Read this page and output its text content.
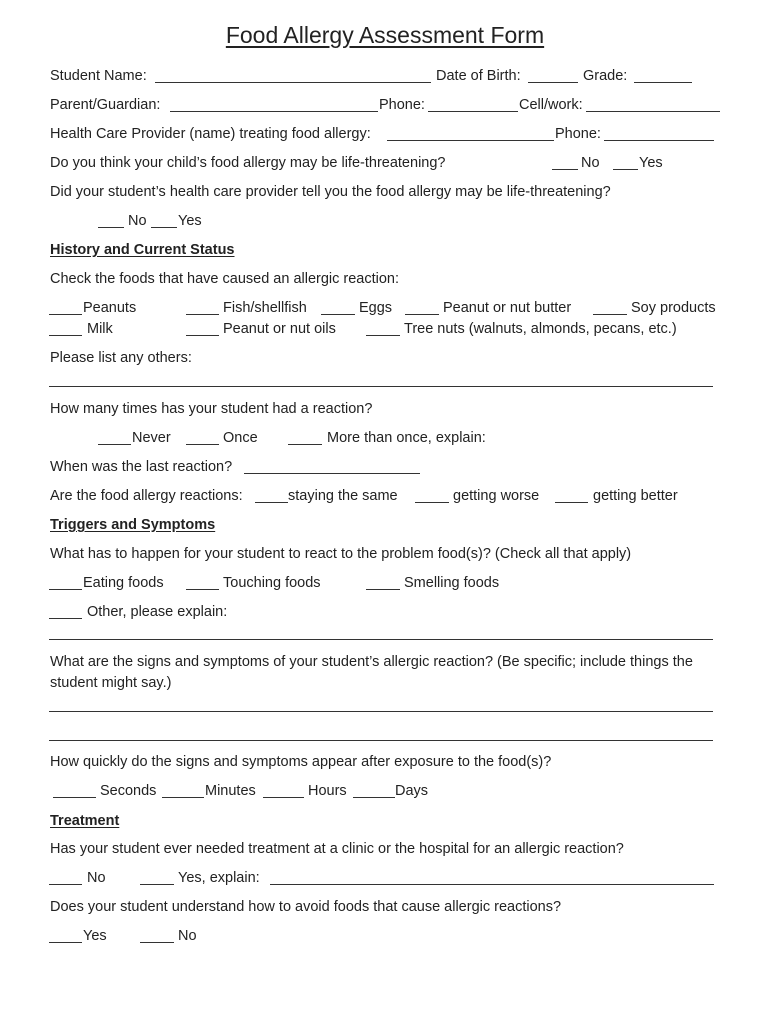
Food Allergy Assessment Form
Student Name:	Date of Birth:	Grade:
Parent/Guardian:	Phone:	Cell/work:
Health Care Provider (name) treating food allergy:	Phone:
Do you think your child’s food allergy may be life-threatening?	No	Yes
Did your student’s health care provider tell you the food allergy may be life-threatening?
No Yes
History and Current Status
Check the foods that have caused an allergic reaction:
Peanuts	Fish/shellfish	Eggs	Peanut or nut butter	Soy products
Milk	Peanut or nut oils	Tree nuts (walnuts, almonds, pecans, etc.)
Please list any others:
How many times has your student had a reaction?
Never	Once	More than once, explain:
When was the last reaction?
Are the food allergy reactions:	staying the same	getting worse	getting better
Triggers and Symptoms
What has to happen for your student to react to the problem food(s)? (Check all that apply)
Eating foods	Touching foods	Smelling foods
Other, please explain:
What are the signs and symptoms of your student’s allergic reaction? (Be specific; include things the
student might say.)
How quickly do the signs and symptoms appear after exposure to the food(s)?
Seconds	Minutes	Hours	Days
Treatment
Has your student ever needed treatment at a clinic or the hospital for an allergic reaction?
No	Yes, explain:
Does your student understand how to avoid foods that cause allergic reactions?
Yes	No
